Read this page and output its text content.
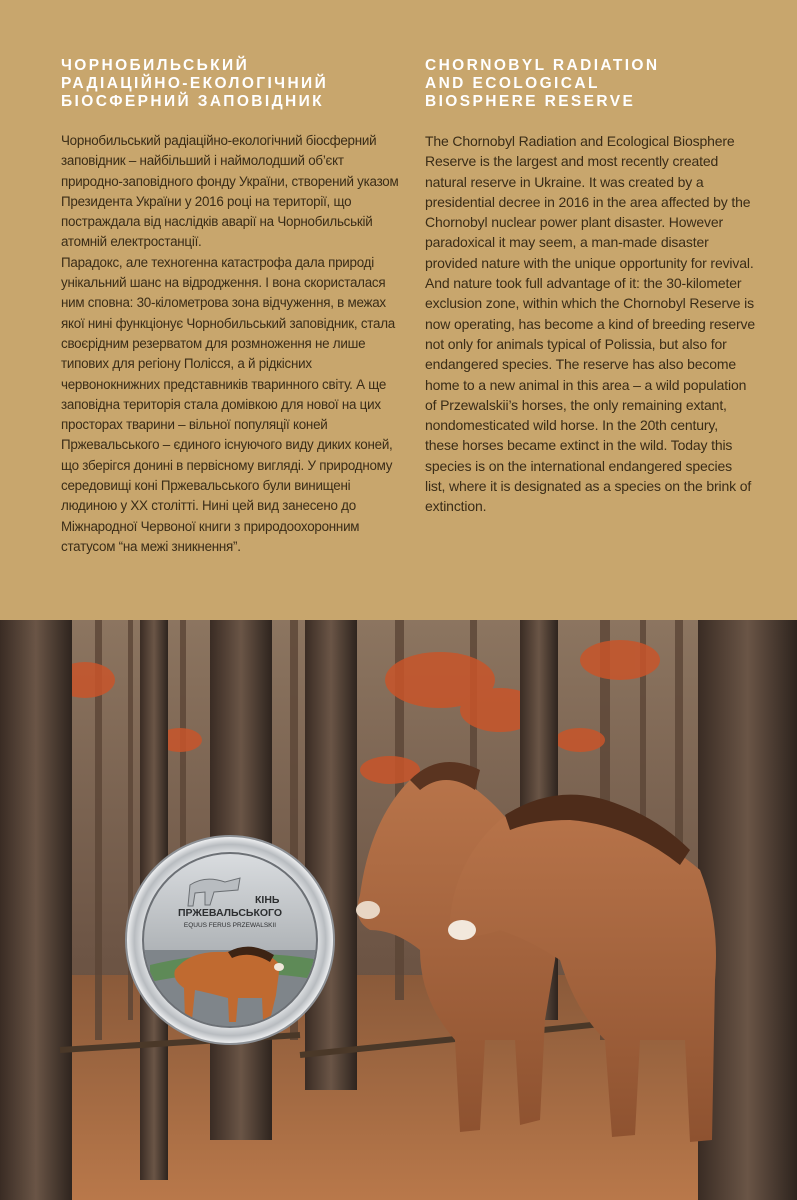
ЧОРНОБИЛЬСЬКИЙ
РАДІАЦІЙНО-ЕКОЛОГІЧНИЙ
БІОСФЕРНИЙ ЗАПОВІДНИК

Чорнобильський радіаційно-екологічний біосферний заповідник – найбільший і наймолодший об’єкт природно-заповідного фонду України, створений указом Президента України у 2016 році на території, що постраждала від наслідків аварії на Чорнобильській атомній електростанції.

Парадокс, але техногенна катастрофа дала природі унікальний шанс на відродження. І вона скористалася ним сповна: 30-кілометрова зона відчуження, в межах якої нині функціонує Чорнобильський заповідник, стала своєрідним резерватом для розмноження не лише типових для регіону Полісся, а й рідкісних червонокнижних представників тваринного світу. А ще заповідна територія стала домівкою для нової на цих просторах тварини – вільної популяції коней Пржевальського – єдиного існуючого виду диких коней, що зберігся донині в первісному вигляді. У природному середовищі коні Пржевальського були винищені людиною у ХХ столітті. Нині цей вид занесено до Міжнародної Червоної книги з природоохоронним статусом “на межі зникнення”.

CHORNOBYL RADIATION
AND ECOLOGICAL
BIOSPHERE RESERVE

The Chornobyl Radiation and Ecological Biosphere Reserve is the largest and most recently created natural reserve in Ukraine. It was created by a presidential decree in 2016 in the area affected by the Chornobyl nuclear power plant disaster. However paradoxical it may seem, a man-made disaster provided nature with the unique opportunity for revival. And nature took full advantage of it: the 30-kilometer exclusion zone, within which the Chornobyl Reserve is now operating, has become a kind of breeding reserve not only for animals typical of Polissia, but also for endangered species. The reserve has also become home to a new animal in this area – a wild population of Przewalskii’s horses, the only remaining extant, nondomesticated wild horse. In the 20th century, these horses became extinct in the wild. Today this species is on the international endangered species list, where it is designated as a species on the brink of extinction.

КІНЬ
ПРЖЕВАЛЬСЬКОГО
EQUUS FERUS PRZEWALSKII
